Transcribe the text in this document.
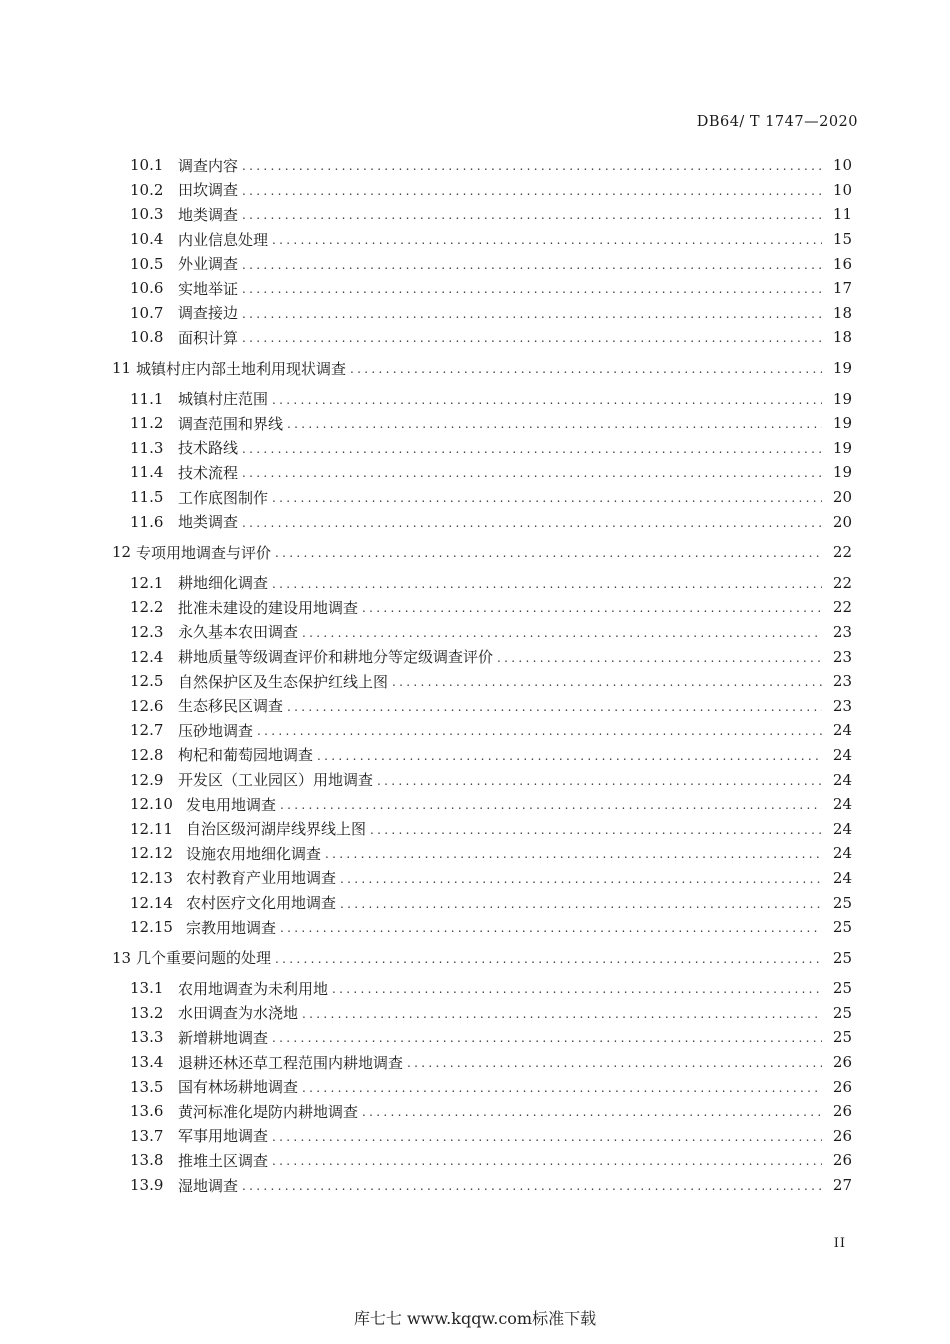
DB64/ T 1747—2020
10.1 调查内容 .....	10
10.2 田坎调查 .....	10
10.3 地类调查 .....	11
10.4 内业信息处理 .....	15
10.5 外业调查 .....	16
10.6 实地举证 .....	17
10.7 调查接边 .....	18
10.8 面积计算 .....	18
11 城镇村庄内部土地利用现状调查 .....	19
11.1 城镇村庄范围 .....	19
11.2 调查范围和界线 .....	19
11.3 技术路线 .....	19
11.4 技术流程 .....	19
11.5 工作底图制作 .....	20
11.6 地类调查 .....	20
12 专项用地调查与评价 .....	22
12.1 耕地细化调查 .....	22
12.2 批准未建设的建设用地调查 .....	22
12.3 永久基本农田调查 .....	23
12.4 耕地质量等级调查评价和耕地分等定级调查评价 .....	23
12.5 自然保护区及生态保护红线上图 .....	23
12.6 生态移民区调查 .....	23
12.7 压砂地调查 .....	24
12.8 枸杞和葡萄园地调查 .....	24
12.9 开发区（工业园区）用地调查 .....	24
12.10 发电用地调查 .....	24
12.11 自治区级河湖岸线界线上图 .....	24
12.12 设施农用地细化调查 .....	24
12.13 农村教育产业用地调查 .....	24
12.14 农村医疗文化用地调查 .....	25
12.15 宗教用地调查 .....	25
13 几个重要问题的处理 .....	25
13.1 农用地调查为未利用地 .....	25
13.2 水田调查为水浇地 .....	25
13.3 新增耕地调查 .....	25
13.4 退耕还林还草工程范围内耕地调查 .....	26
13.5 国有林场耕地调查 .....	26
13.6 黄河标准化堤防内耕地调查 .....	26
13.7 军事用地调查 .....	26
13.8 推堆土区调查 .....	26
13.9 湿地调查 .....	27
II
库七七 www.kqqw.com标准下载
